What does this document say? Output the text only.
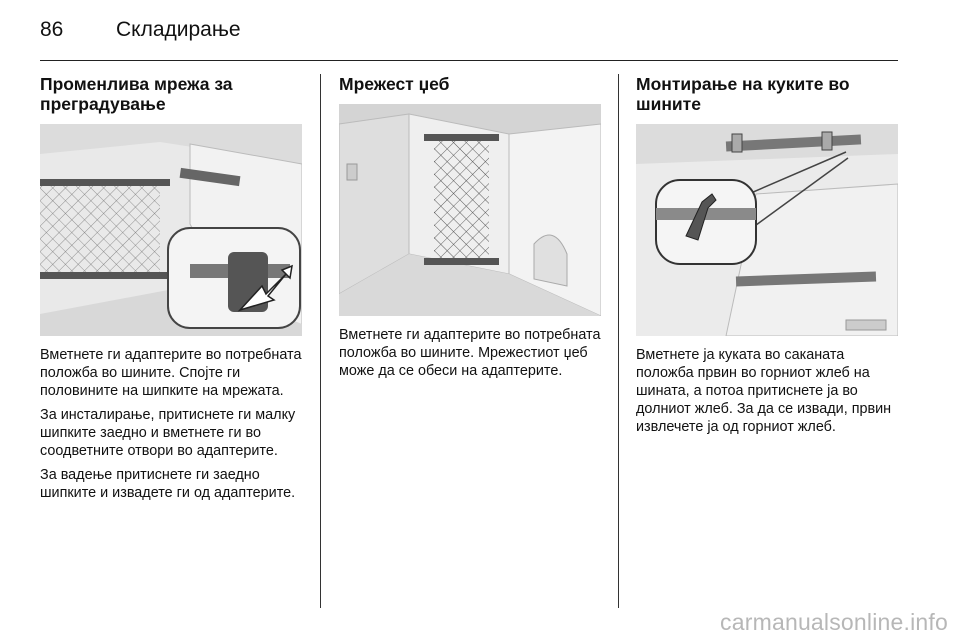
86	Складирање
Променлива мрежа за преградување

Вметнете ги адаптерите во потребната положба во шините. Спојте ги половините на шипките на мрежата.

За инсталирање, притиснете ги малку шипките заедно и вметнете ги во соодветните отвори во адаптерите.

За вадење притиснете ги заедно шипките и извадете ги од адаптерите.

Мрежест џеб

Вметнете ги адаптерите во потребната положба во шините. Мрежестиот џеб може да се обеси на адаптерите.

Монтирање на куките во шините

Вметнете ја куката во саканата положба првин во горниот жлеб на шината, а потоа притиснете ја во долниот жлеб. За да се извади, првин извлечете ја од горниот жлеб.

carmanualsonline.info
